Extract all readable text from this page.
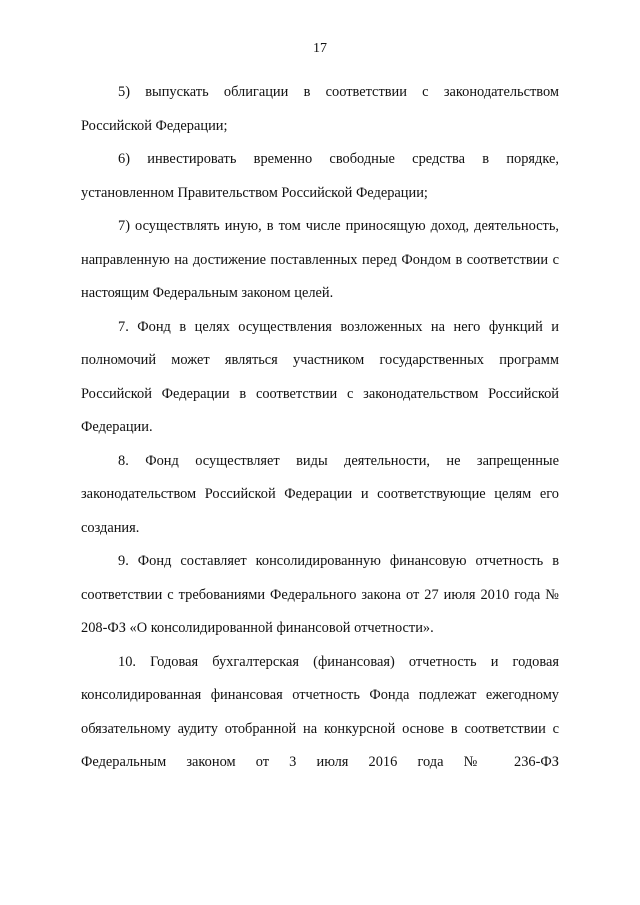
17

5) выпускать облигации в соответствии с законодательством Российской Федерации;

6) инвестировать временно свободные средства в порядке, установленном Правительством Российской Федерации;

7) осуществлять иную, в том числе приносящую доход, деятельность, направленную на достижение поставленных перед Фондом в соответствии с настоящим Федеральным законом целей.

7. Фонд в целях осуществления возложенных на него функций и полномочий может являться участником государственных программ Российской Федерации в соответствии с законодательством Российской Федерации.

8. Фонд осуществляет виды деятельности, не запрещенные законодательством Российской Федерации и соответствующие целям его создания.

9. Фонд составляет консолидированную финансовую отчетность в соответствии с требованиями Федерального закона от 27 июля 2010 года № 208-ФЗ «О консолидированной финансовой отчетности».

10. Годовая бухгалтерская (финансовая) отчетность и годовая консолидированная финансовая отчетность Фонда подлежат ежегодному обязательному аудиту отобранной на конкурсной основе в соответствии с Федеральным законом от 3 июля 2016 года № 236-ФЗ
